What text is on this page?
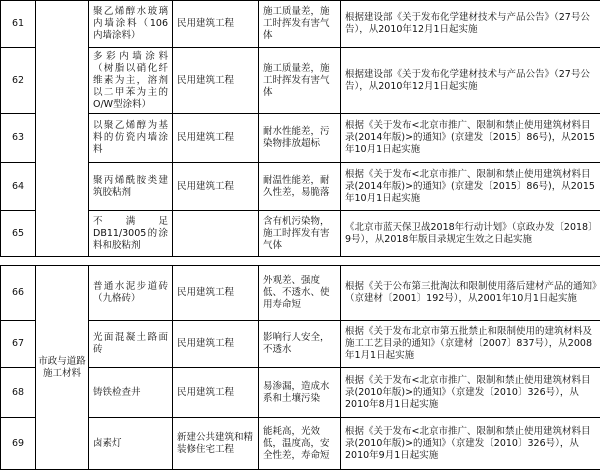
61		聚乙烯醇水玻璃内墙涂料（106内墙涂料）	民用建筑工程	施工质量差，施工时挥发有害气体	根据建设部《关于发布化学建材技术与产品公告》（27号公告），从2010年12月1日起实施
62		多彩内墙涂料（树脂以硝化纤维素为主，溶剂以二甲苯为主的O/W型涂料）	民用建筑工程	施工质量差，施工时挥发有害气体	根据建设部《关于发布化学建材技术与产品公告》（27号公告），从2010年12月1日起实施
63		以聚乙烯醇为基料的仿瓷内墙涂料	民用建筑工程	耐水性能差，污染物排放超标	根据《关于发布<北京市推广、限制和禁止使用建筑材料目录(2014年版)>的通知》(京建发〔2015〕86号)，从2015年10月1日起实施
64		聚丙烯酰胺类建筑胶粘剂	民用建筑工程	耐温性能差，耐久性差，易脆落	根据《关于发布<北京市推广、限制和禁止使用建筑材料目录(2014年版)>的通知》(京建发〔2015〕86号)，从2015年10月1日起实施
65		不满足DB11/3005的涂料和胶粘剂		含有机污染物，施工时挥发有害气体	《北京市蓝天保卫战2018年行动计划》（京政办发〔2018〕9号），从2018年版目录规定生效之日起实施
66	市政与道路施工材料	普通水泥步道砖（九格砖）	民用建筑工程	外观差、强度低、不透水、使用寿命短	根据《关于公布第三批淘汰和限制使用落后建材产品的通知》（京建材〔2001〕192号），从2001年10月1日起实施
67		光面混凝土路面砖	民用建筑工程	影响行人安全，不透水	根据《关于发布北京市第五批禁止和限制使用的建筑材料及施工工艺目录的通知》（京建材〔2007〕837号），从2008年1月1日起实施
68		铸铁检查井	民用建筑工程	易渗漏，造成水系和土壤污染	根据《关于发布<北京市推广、限制和禁止使用建筑材料目录(2010年版)>的通知》（京建发〔2010〕326号），从2010年8月1日起实施
69		卤素灯	新建公共建筑和精装修住宅工程	能耗高，光效低，温度高，安全性差，寿命短	根据《关于发布<北京市推广、限制和禁止使用建筑材料目录(2010年版)>的通知》（京建发〔2010〕326号），从2010年9月1日起实施
